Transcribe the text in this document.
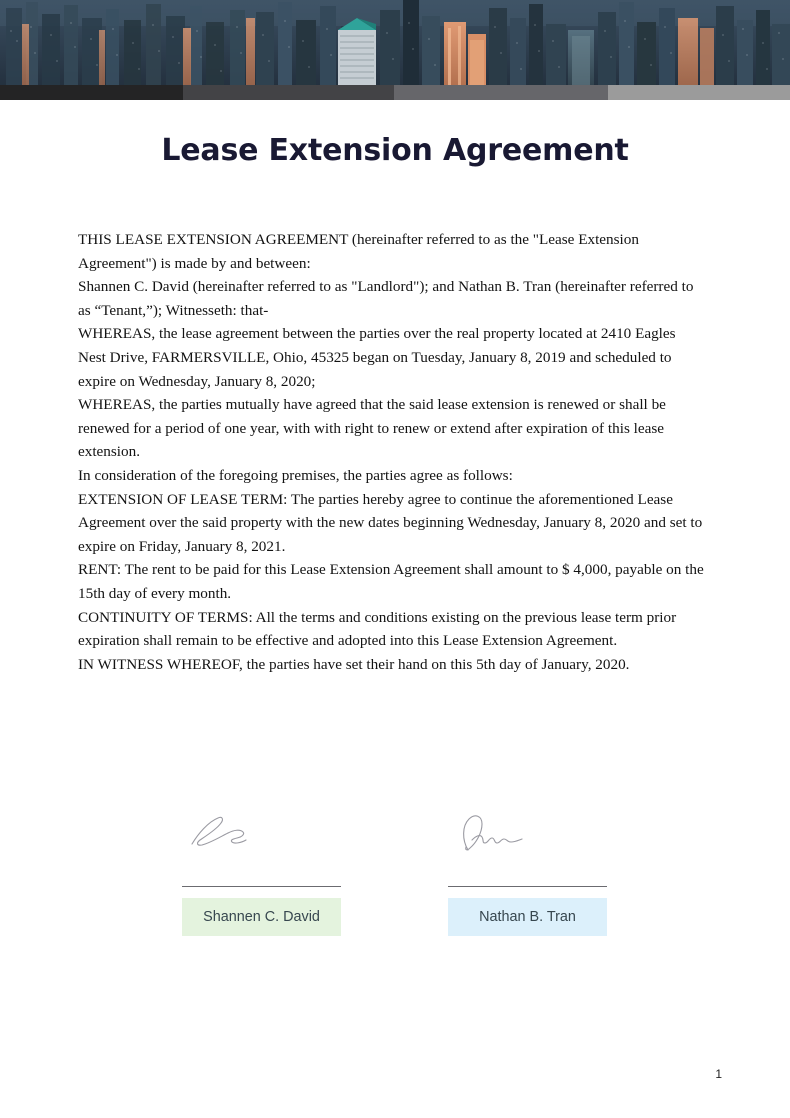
Lease Extension Agreement

THIS LEASE EXTENSION AGREEMENT (hereinafter referred to as the "Lease Extension Agreement") is made by and between:

Shannen C. David (hereinafter referred to as "Landlord"); and Nathan B. Tran (hereinafter referred to as “Tenant,”); Witnesseth: that-

WHEREAS, the lease agreement between the parties over the real property located at 2410 Eagles Nest Drive, FARMERSVILLE, Ohio, 45325 began on Tuesday, January 8, 2019 and scheduled to expire on Wednesday, January 8, 2020;

WHEREAS, the parties mutually have agreed that the said lease extension is renewed or shall be renewed for a period of one year, with with right to renew or extend after expiration of this lease extension.

In consideration of the foregoing premises, the parties agree as follows:

EXTENSION OF LEASE TERM: The parties hereby agree to continue the aforementioned Lease Agreement over the said property with the new dates beginning Wednesday, January 8, 2020 and set to expire on Friday, January 8, 2021.

RENT: The rent to be paid for this Lease Extension Agreement shall amount to $ 4,000, payable on the 15th day of every month.

CONTINUITY OF TERMS: All the terms and conditions existing on the previous lease term prior expiration shall remain to be effective and adopted into this Lease Extension Agreement.

IN WITNESS WHEREOF, the parties have set their hand on this 5th day of January, 2020.

Shannen C. David	Nathan B. Tran
1
